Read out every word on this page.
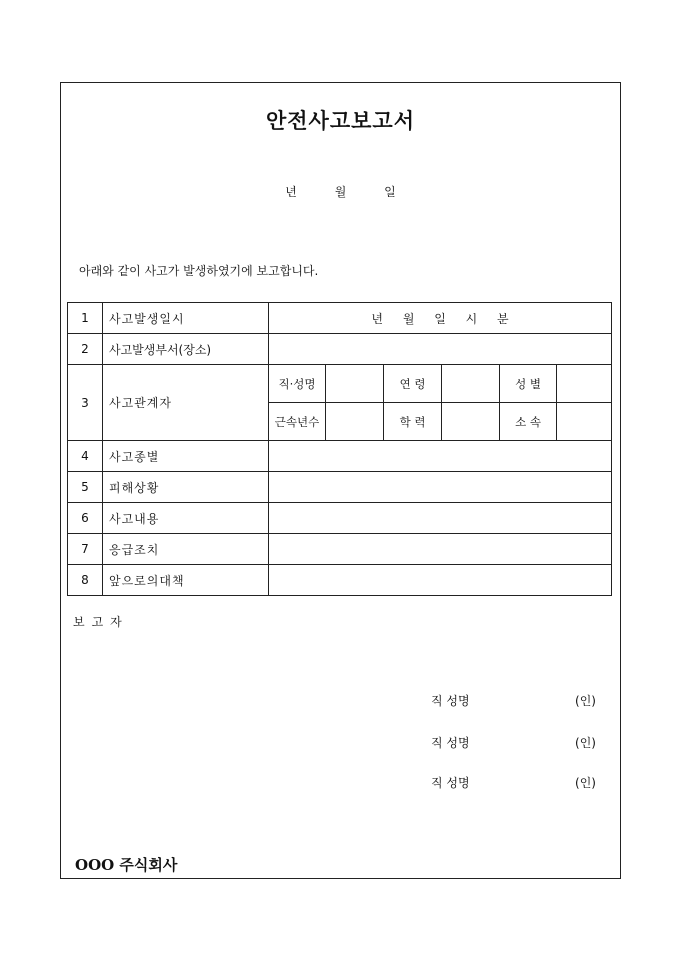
안전사고보고서
년 월 일
아래와 같이 사고가 발생하였기에 보고합니다.
1	사고발생일시	년 월 일 시 분					
2	사고발생부서(장소)						
3	사고관계자	직·성명		연 령		성 별	
		근속년수		학 력		소 속	
4	사고종별						
5	피해상황						
6	사고내용						
7	응급조치						
8	앞으로의대책						
보고자
직 성명	(인)
직 성명	(인)
직 성명	(인)
OOO 주식회사
